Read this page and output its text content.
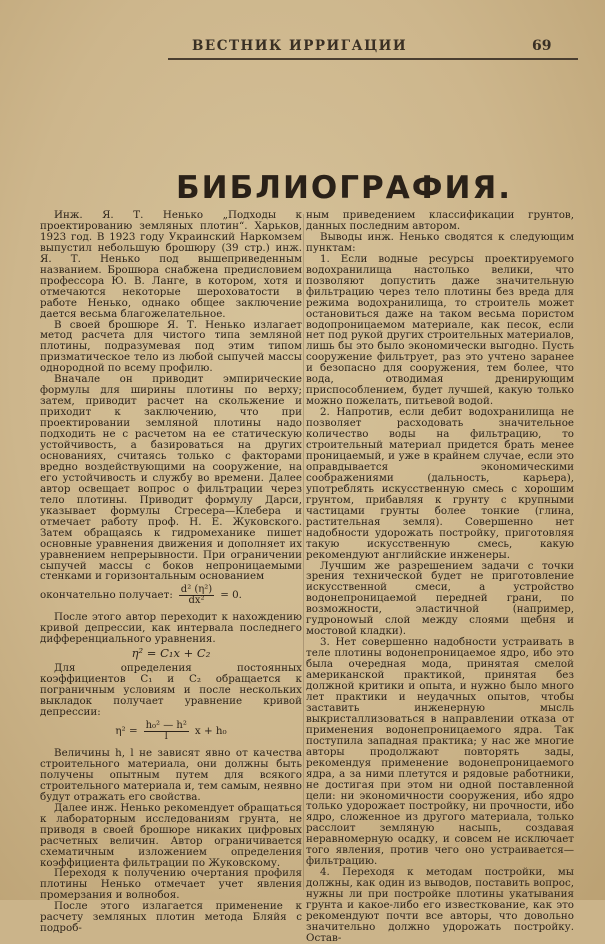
ВЕСТНИК ИРРИГАЦИИ	69
БИБЛИОГРАФИЯ.

Инж. Я. Т. Ненько „Подходы к проектированию земляных плотин“. Харьков, 1923 год. В 1923 году Украинский Наркомзем выпустил небольшую брошюру (39 стр.) инж. Я. Т. Ненько под вышеприведенным названием. Брошюра снабжена предисловием профессора Ю. В. Ланге, в котором, хотя и отмечаются некоторые шероховатости в работе Ненько, однако общее заключение дается весьма благожелательное.

В своей брошюре Я. Т. Ненько излагает метод расчета для чистого типа земляной плотины, подразумевая под этим типом призматическое тело из любой сыпучей массы однородной по всему профилю.

Вначале он приводит эмпирические формулы для ширины плотины по верху; затем, приводит расчет на скольжение и приходит к заключению, что при проектировании земляной плотины надо подходить не с расчетом на ее статическую устойчивость, а базироваться на других основаниях, считаясь только с факторами вредно воздействующими на сооружение, на его устойчивость и службу во времени. Далее автор освещает вопрос о фильтрации через тело плотины. Приводит формулу Дарси, указывает формулы Сгресера—Клебера и отмечает работу проф. Н. Е. Жуковского. Затем обращаясь к гидромеханике пишет основные уравнения движения и дополняет их уравнением непрерывности. При ограничении сыпучей массы с боков непроницаемыми стенками и горизонтальным основанием

окончательно получает: $\frac{\text{d² (η²)}}{\text{dx²}} = 0$.

После этого автор переходит к нахождению кривой депрессии, как интервала последнего дифференциального уравнения.

η² = C₁x + C₂

Для определения постоянных коэффициентов C₁ и C₂ обращается к пограничным условиям и после нескольких выкладок получает уравнение кривой депрессии:

$\eta^2 = \frac{\text{h₀² — h²}}{l}$ x + h₀

Величины h, l не зависят явно от качества строительного материала, они должны быть получены опытным путем для всякого строительного материала и, тем самым, неявно будут отражать его свойства.

Далее инж. Ненько рекомендует обращаться к лабораторным исследованиям грунта, не приводя в своей брошюре никаких цифровых расчетных величин. Автор ограничивается схематичным изложением определения коэффициента фильтрации по Жуковскому.

Переходя к получению очертания профиля плотины Ненько отмечает учет явления промерзания и волнобоя.

После этого излагается применение к расчету земляных плотин метода Бляйя с подроб-

ным приведением классификации грунтов, данных последним автором.

Выводы инж. Ненько сводятся к следующим пунктам:

1. Если водные ресурсы проектируемого водохранилища настолько велики, что позволяют допустить даже значительную фильтрацию через тело плотины без вреда для режима водохранилища, то строитель может остановиться даже на таком весьма пористом водопроницаемом материале, как песок, если нет под рукой других строительных материалов, лишь бы это было экономически выгодно. Пусть сооружение фильтрует, раз это учтено заранее и безопасно для сооружения, тем более, что вода, отводимая дренирующим приспособлением, будет лучшей, какую только можно пожелать, питьевой водой.

2. Напротив, если дебит водохранилища не позволяет расходовать значительное количество воды на фильтрацию, то строительный материал придется брать менее проницаемый, и уже в крайнем случае, если это оправдывается экономическими соображениями (дальность, карьера), употреблять искусственную смесь с хорошим грунтом, прибавляя к грунту с крупными частицами грунты более тонкие (глина, растительная земля). Совершенно нет надобности удорожать постройку, приготовляя такую искусственную смесь, какую рекомендуют английские инженеры.

Лучшим же разрешением задачи с точки зрения технической будет не приготовление искусственной смеси, а устройство водонепроницаемой передней грани, по возможности, эластичной (например, гудронowый слой между слоями щебня и мостовой кладки).

3. Нет совершенно надобности устраивать в теле плотины водонепроницаемое ядро, ибо это была очередная мода, принятая смелой американской практикой, принятая без должной критики и опыта, и нужно было много лет практики и неудачных опытов, чтобы заставить инженерную мысль выкристаллизоваться в направлении отказа от применения водонепроницаемого ядра. Так поступила западная практика; у нас же многие авторы продолжают повторять зады, рекомендуя применение водонепроницаемого ядра, а за ними плетутся и рядовые работники, не достигая при этом ни одной поставленной цели: ни экономичности сооружения, ибо ядро только удорожает постройку, ни прочности, ибо ядро, сложенное из другого материала, только расслоит земляную насыпь, создавая неравномерную осадку, и совсем не исключает того явления, против чего оно устраивается—фильтрацию.

4. Переходя к методам постройки, мы должны, как один из выводов, поставить вопрос, нужны ли при постройке плотины укатывания грунта и какое-либо его известкование, как это рекомендуют почти все авторы, что довольно значительно должно удорожать постройку. Остав-
